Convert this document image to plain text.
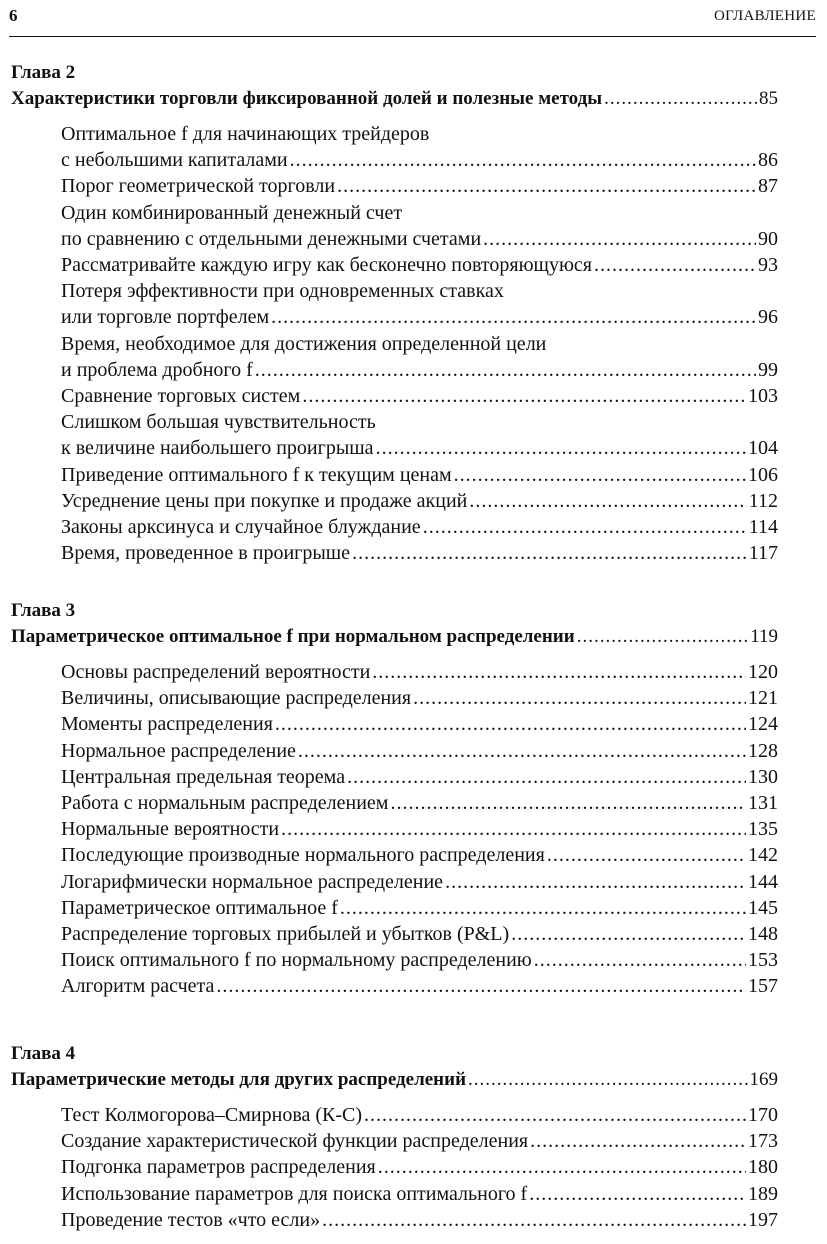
6	ОГЛАВЛЕНИЕ
Глава 2
Характеристики торговли фиксированной долей и полезные методы .....	85
Оптимальное f для начинающих трейдеров
с небольшими капиталами .....	86
Порог геометрической торговли .....	87
Один комбинированный денежный счет
по сравнению с отдельными денежными счетами .....	90
Рассматривайте каждую игру как бесконечно повторяющуюся .....	93
Потеря эффективности при одновременных ставках
или торговле портфелем .....	96
Время, необходимое для достижения определенной цели
и проблема дробного f .....	99
Сравнение торговых систем .....	103
Слишком большая чувствительность
к величине наибольшего проигрыша .....	104
Приведение оптимального f к текущим ценам .....	106
Усреднение цены при покупке и продаже акций .....	112
Законы арксинуса и случайное блуждание .....	114
Время, проведенное в проигрыше .....	117
Глава 3
Параметрическое оптимальное f при нормальном распределении .....	119
Основы распределений вероятности .....	120
Величины, описывающие распределения .....	121
Моменты распределения .....	124
Нормальное распределение .....	128
Центральная предельная теорема .....	130
Работа с нормальным распределением .....	131
Нормальные вероятности .....	135
Последующие производные нормального распределения .....	142
Логарифмически нормальное распределение .....	144
Параметрическое оптимальное f .....	145
Распределение торговых прибылей и убытков (P&L) .....	148
Поиск оптимального f по нормальному распределению .....	153
Алгоритм расчета .....	157
Глава 4
Параметрические методы для других распределений .....	169
Тест Колмогорова–Смирнова (К-С) .....	170
Создание характеристической функции распределения .....	173
Подгонка параметров распределения .....	180
Использование параметров для поиска оптимального f .....	189
Проведение тестов «что если» .....	197
